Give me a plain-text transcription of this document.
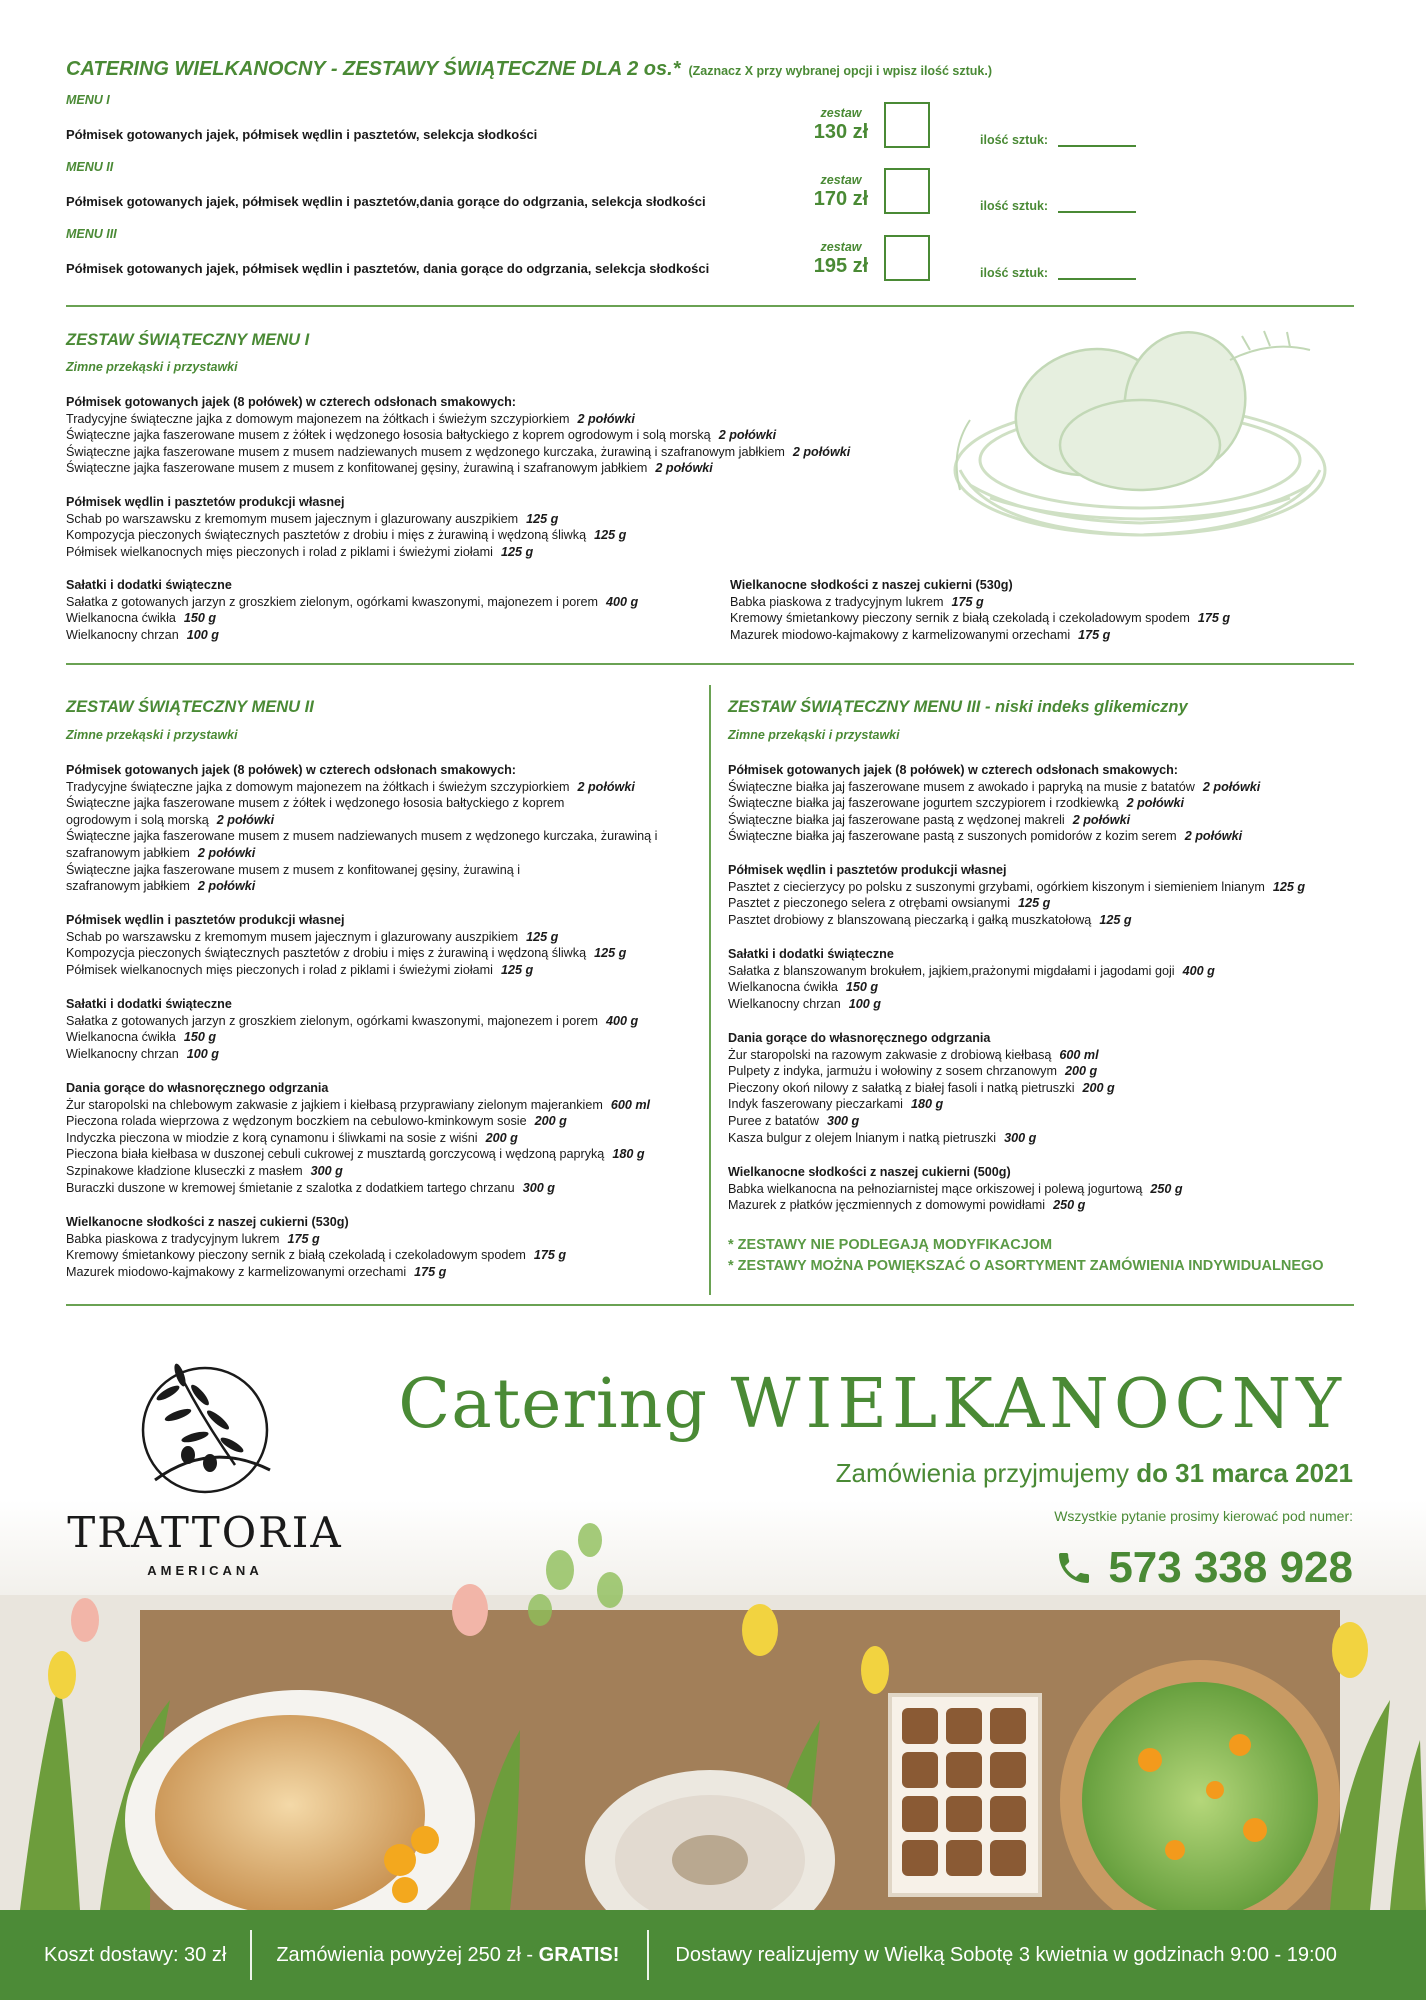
CATERING WIELKANOCNY - ZESTAWY ŚWIĄTECZNE DLA 2 os.* (Zaznacz X przy wybranej opcji i wpisz ilość sztuk.)
MENU I
Półmisek gotowanych jajek, półmisek wędlin i pasztetów, selekcja słodkości
zestaw
130 zł	ilość sztuk:
MENU II
Półmisek gotowanych jajek, półmisek wędlin i pasztetów,dania gorące do odgrzania, selekcja słodkości
zestaw
170 zł	ilość sztuk:
MENU III
Półmisek gotowanych jajek, półmisek wędlin i pasztetów, dania gorące do odgrzania, selekcja słodkości
zestaw
195 zł	ilość sztuk:
ZESTAW ŚWIĄTECZNY MENU I
Zimne przekąski i przystawki
Półmisek gotowanych jajek (8 połówek) w czterech odsłonach smakowych:
Tradycyjne świąteczne jajka z domowym majonezem na żółtkach i świeżym szczypiorkiem 2 połówki
Świąteczne jajka faszerowane musem z żółtek i wędzonego łososia bałtyckiego z koprem ogrodowym i solą morską 2 połówki
Świąteczne jajka faszerowane musem z musem nadziewanych musem z wędzonego kurczaka, żurawiną i szafranowym jabłkiem 2 połówki
Świąteczne jajka faszerowane musem z musem z konfitowanej gęsiny, żurawiną i szafranowym jabłkiem 2 połówki
Półmisek wędlin i pasztetów produkcji własnej
Schab po warszawsku z kremomym musem jajecznym i glazurowany auszpikiem 125 g
Kompozycja pieczonych świątecznych pasztetów z drobiu i mięs z żurawiną i wędzoną śliwką 125 g
Półmisek wielkanocnych mięs pieczonych i rolad z piklami i świeżymi ziołami 125 g
Sałatki i dodatki świąteczne
Sałatka z gotowanych jarzyn z groszkiem zielonym, ogórkami kwaszonymi, majonezem i porem 400 g
Wielkanocna ćwikła 150 g
Wielkanocny chrzan 100 g
Wielkanocne słodkości z naszej cukierni (530g)
Babka piaskowa z tradycyjnym lukrem 175 g
Kremowy śmietankowy pieczony sernik z białą czekoladą i czekoladowym spodem 175 g
Mazurek miodowo-kajmakowy z karmelizowanymi orzechami 175 g
ZESTAW ŚWIĄTECZNY MENU II
Zimne przekąski i przystawki
Półmisek gotowanych jajek (8 połówek) w czterech odsłonach smakowych:
Tradycyjne świąteczne jajka z domowym majonezem na żółtkach i świeżym szczypiorkiem 2 połówki
Świąteczne jajka faszerowane musem z żółtek i wędzonego łososia bałtyckiego z koprem ogrodowym i solą morską 2 połówki
Świąteczne jajka faszerowane musem z musem nadziewanych musem z wędzonego kurczaka, żurawiną i szafranowym jabłkiem 2 połówki
Świąteczne jajka faszerowane musem z musem z konfitowanej gęsiny, żurawiną i szafranowym jabłkiem 2 połówki
Półmisek wędlin i pasztetów produkcji własnej
Schab po warszawsku z kremomym musem jajecznym i glazurowany auszpikiem 125 g
Kompozycja pieczonych świątecznych pasztetów z drobiu i mięs z żurawiną i wędzoną śliwką 125 g
Półmisek wielkanocnych mięs pieczonych i rolad z piklami i świeżymi ziołami 125 g
Sałatki i dodatki świąteczne
Sałatka z gotowanych jarzyn z groszkiem zielonym, ogórkami kwaszonymi, majonezem i porem 400 g
Wielkanocna ćwikła 150 g
Wielkanocny chrzan 100 g
Dania gorące do własnoręcznego odgrzania
Żur staropolski na chlebowym zakwasie z jajkiem i kiełbasą przyprawiany zielonym majerankiem 600 ml
Pieczona rolada wieprzowa z wędzonym boczkiem na cebulowo-kminkowym sosie 200 g
Indyczka pieczona w miodzie z korą cynamonu i śliwkami na sosie z wiśni 200 g
Pieczona biała kiełbasa w duszonej cebuli cukrowej z musztardą gorczycową i wędzoną papryką 180 g
Szpinakowe kładzione kluseczki z masłem 300 g
Buraczki duszone w kremowej śmietanie z szalotka z dodatkiem tartego chrzanu 300 g
Wielkanocne słodkości z naszej cukierni (530g)
Babka piaskowa z tradycyjnym lukrem 175 g
Kremowy śmietankowy pieczony sernik z białą czekoladą i czekoladowym spodem 175 g
Mazurek miodowo-kajmakowy z karmelizowanymi orzechami 175 g
ZESTAW ŚWIĄTECZNY MENU III - niski indeks glikemiczny
Zimne przekąski i przystawki
Półmisek gotowanych jajek (8 połówek) w czterech odsłonach smakowych:
Świąteczne białka jaj faszerowane musem z awokado i papryką na musie z batatów 2 połówki
Świąteczne białka jaj faszerowane jogurtem szczypiorem i rzodkiewką 2 połówki
Świąteczne białka jaj faszerowane pastą z wędzonej makreli 2 połówki
Świąteczne białka jaj faszerowane pastą z suszonych pomidorów z kozim serem 2 połówki
Półmisek wędlin i pasztetów produkcji własnej
Pasztet z ciecierzycy po polsku z suszonymi grzybami, ogórkiem kiszonym i siemieniem lnianym 125 g
Pasztet z pieczonego selera z otrębami owsianymi 125 g
Pasztet drobiowy z blanszowaną pieczarką i gałką muszkatołową 125 g
Sałatki i dodatki świąteczne
Sałatka z blanszowanym brokułem, jajkiem,prażonymi migdałami i jagodami goji 400 g
Wielkanocna ćwikła 150 g
Wielkanocny chrzan 100 g
Dania gorące do własnoręcznego odgrzania
Żur staropolski na razowym zakwasie z drobiową kiełbasą 600 ml
Pulpety z indyka, jarmużu i wołowiny z sosem chrzanowym 200 g
Pieczony okoń nilowy z sałatką z białej fasoli i natką pietruszki 200 g
Indyk faszerowany pieczarkami 180 g
Puree z batatów 300 g
Kasza bulgur z olejem lnianym i natką pietruszki 300 g
Wielkanocne słodkości z naszej cukierni (500g)
Babka wielkanocna na pełnoziarnistej mące orkiszowej i polewą jogurtową 250 g
Mazurek z płatków jęczmiennych z domowymi powidłami 250 g
* ZESTAWY NIE PODLEGAJĄ MODYFIKACJOM
* ZESTAWY MOŻNA POWIĘKSZAĆ O ASORTYMENT ZAMÓWIENIA INDYWIDUALNEGO
TRATTORIA
AMERICANA
Catering WIELKANOCNY
Zamówienia przyjmujemy do 31 marca 2021
Wszystkie pytanie prosimy kierować pod numer:
573 338 928
Koszt dostawy: 30 zł	Zamówienia powyżej 250 zł - GRATIS!	Dostawy realizujemy w Wielką Sobotę 3 kwietnia w godzinach 9:00 - 19:00
